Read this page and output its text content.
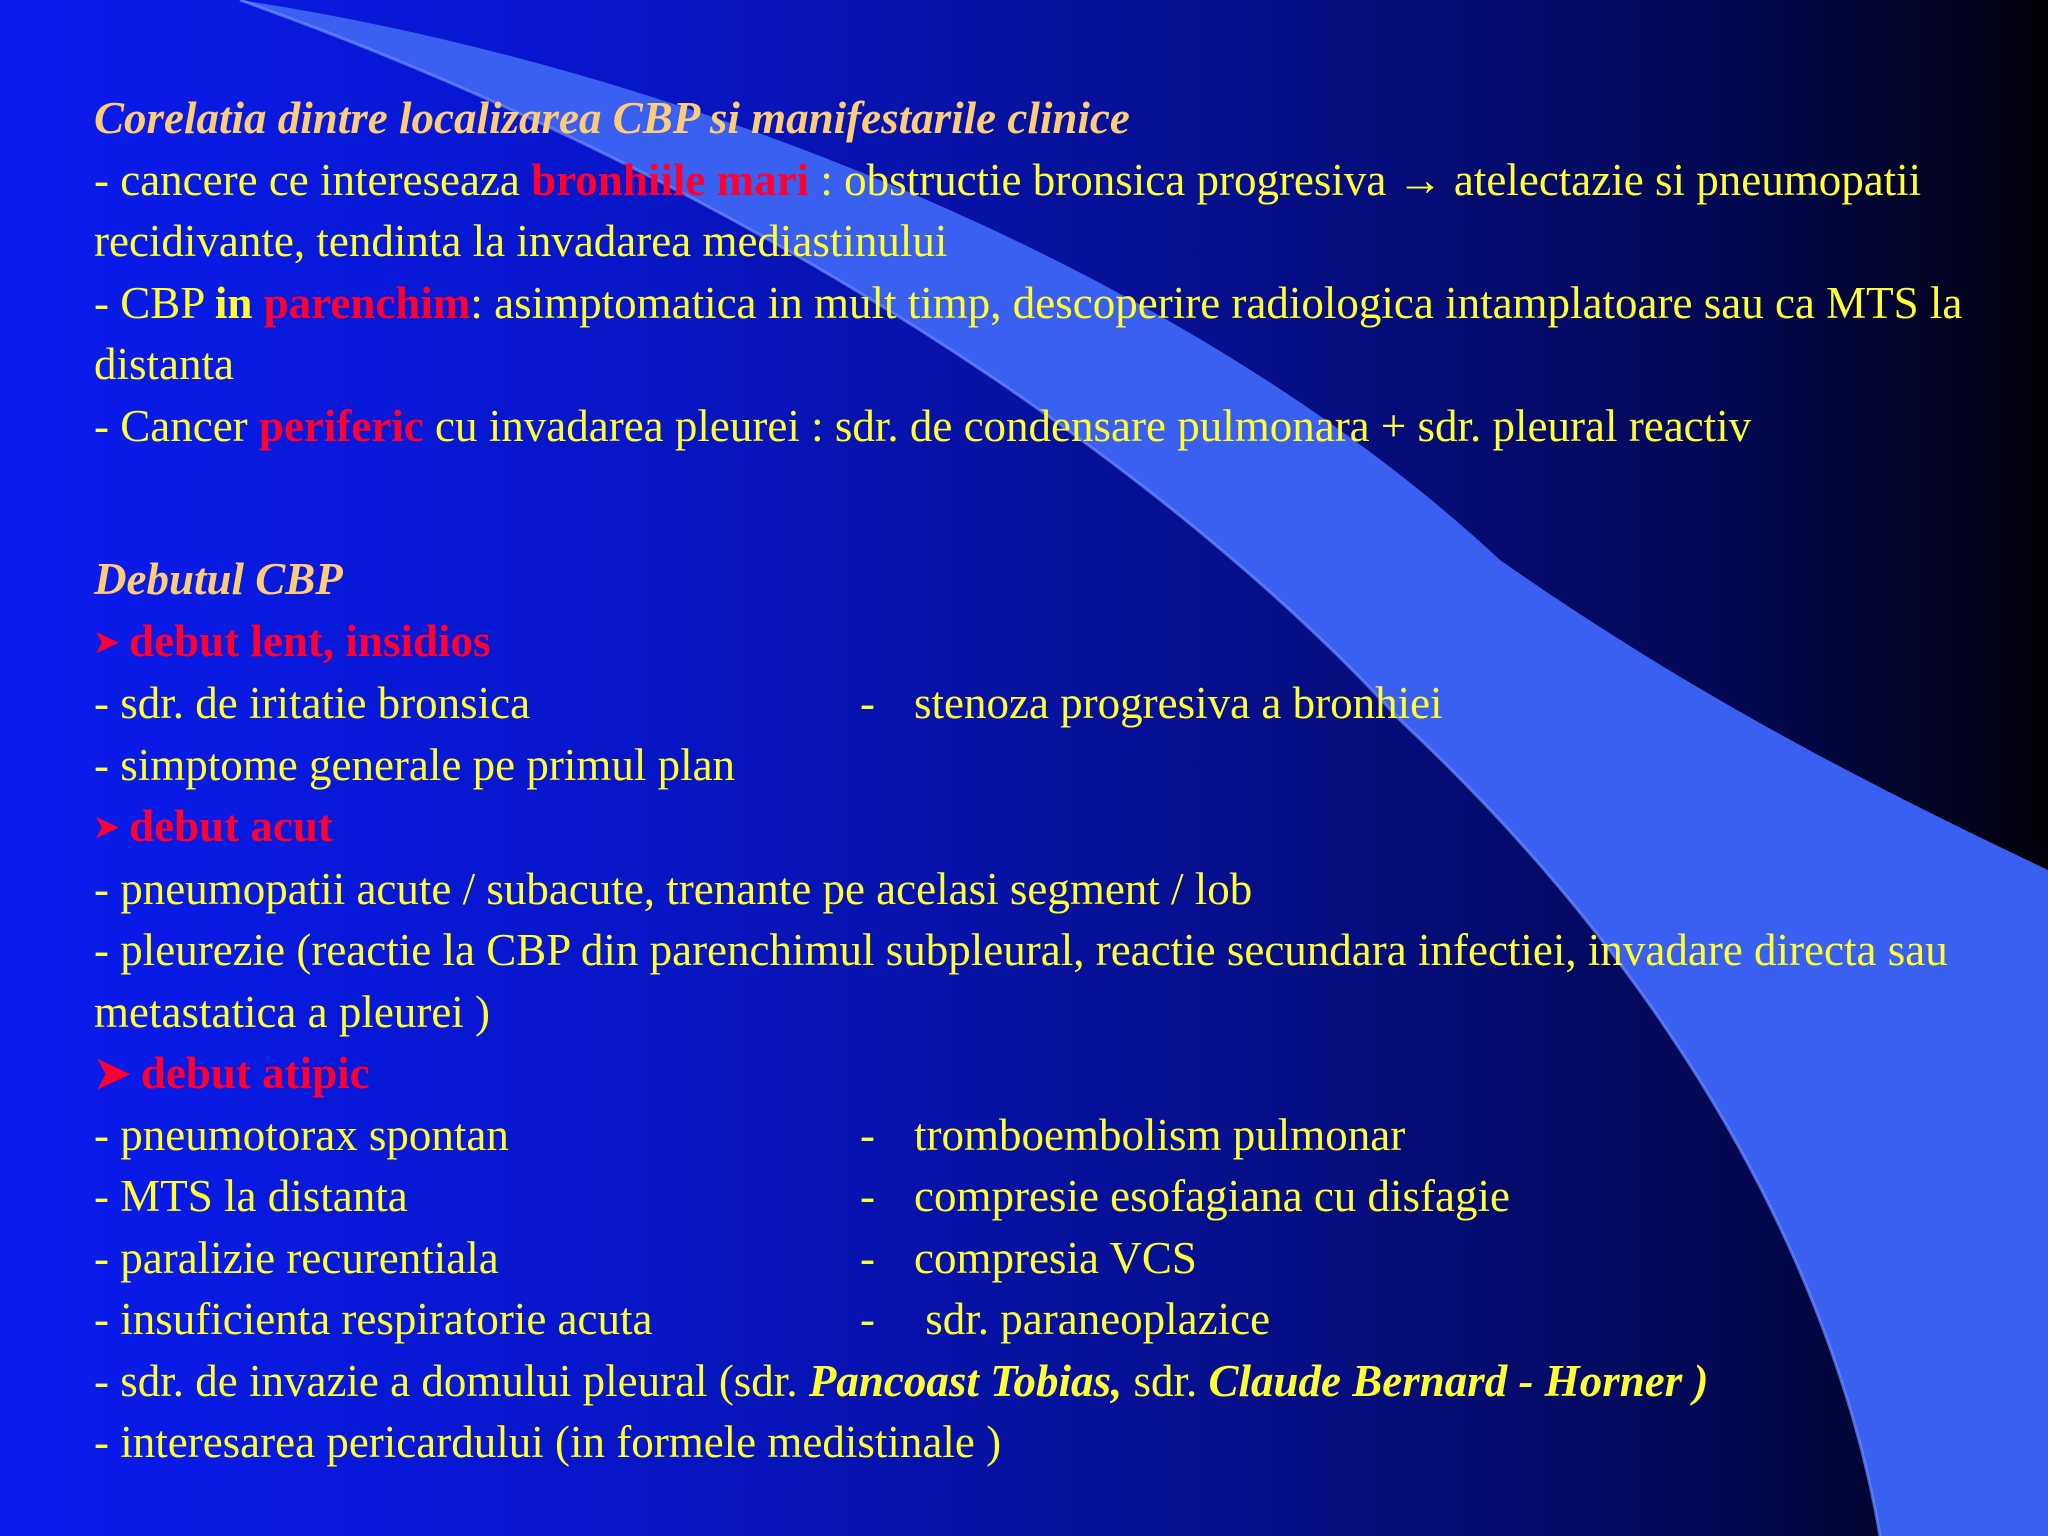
Corelatia dintre localizarea CBP si manifestarile clinice
- cancere ce intereseaza bronhiile mari : obstructie bronsica progresiva → atelectazie si pneumopatii recidivante, tendinta la invadarea mediastinului
- CBP in parenchim: asimptomatica in mult timp, descoperire radiologica intamplatoare sau ca MTS la distanta
- Cancer periferic cu invadarea pleurei : sdr. de condensare pulmonara + sdr. pleural reactiv
Debutul CBP
➤ debut lent, insidios
- sdr. de iritatie bronsica	- stenoza progresiva a bronhiei
- simptome generale pe primul plan
➤ debut acut
- pneumopatii acute / subacute, trenante pe acelasi segment / lob
- pleurezie (reactie la CBP din parenchimul subpleural, reactie secundara infectiei, invadare directa sau metastatica a pleurei )
➤ debut atipic
- pneumotorax spontan	- tromboembolism pulmonar
- MTS la distanta	- compresie esofagiana cu disfagie
- paralizie recurentiala	- compresia VCS
- insuficienta respiratorie acuta	- sdr. paraneoplazice
- sdr. de invazie a domului pleural (sdr. Pancoast Tobias, sdr. Claude Bernard - Horner )
- interesarea pericardului (in formele medistinale )
